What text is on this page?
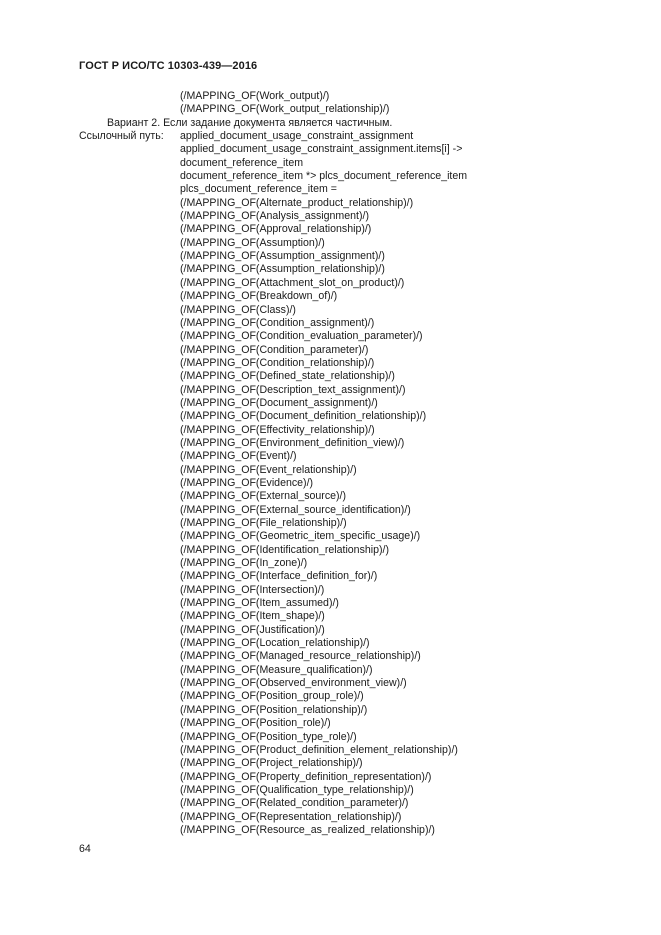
ГОСТ Р ИСО/ТС 10303-439—2016
(/MAPPING_OF(Work_output)/)
(/MAPPING_OF(Work_output_relationship)/)
Вариант 2. Если задание документа является частичным.
Ссылочный путь: applied_document_usage_constraint_assignment
applied_document_usage_constraint_assignment.items[i] ->
document_reference_item
document_reference_item *> plcs_document_reference_item
plcs_document_reference_item =
(/MAPPING_OF(Alternate_product_relationship)/)
(/MAPPING_OF(Analysis_assignment)/)
(/MAPPING_OF(Approval_relationship)/)
(/MAPPING_OF(Assumption)/)
(/MAPPING_OF(Assumption_assignment)/)
(/MAPPING_OF(Assumption_relationship)/)
(/MAPPING_OF(Attachment_slot_on_product)/)
(/MAPPING_OF(Breakdown_of)/)
(/MAPPING_OF(Class)/)
(/MAPPING_OF(Condition_assignment)/)
(/MAPPING_OF(Condition_evaluation_parameter)/)
(/MAPPING_OF(Condition_parameter)/)
(/MAPPING_OF(Condition_relationship)/)
(/MAPPING_OF(Defined_state_relationship)/)
(/MAPPING_OF(Description_text_assignment)/)
(/MAPPING_OF(Document_assignment)/)
(/MAPPING_OF(Document_definition_relationship)/)
(/MAPPING_OF(Effectivity_relationship)/)
(/MAPPING_OF(Environment_definition_view)/)
(/MAPPING_OF(Event)/)
(/MAPPING_OF(Event_relationship)/)
(/MAPPING_OF(Evidence)/)
(/MAPPING_OF(External_source)/)
(/MAPPING_OF(External_source_identification)/)
(/MAPPING_OF(File_relationship)/)
(/MAPPING_OF(Geometric_item_specific_usage)/)
(/MAPPING_OF(Identification_relationship)/)
(/MAPPING_OF(In_zone)/)
(/MAPPING_OF(Interface_definition_for)/)
(/MAPPING_OF(Intersection)/)
(/MAPPING_OF(Item_assumed)/)
(/MAPPING_OF(Item_shape)/)
(/MAPPING_OF(Justification)/)
(/MAPPING_OF(Location_relationship)/)
(/MAPPING_OF(Managed_resource_relationship)/)
(/MAPPING_OF(Measure_qualification)/)
(/MAPPING_OF(Observed_environment_view)/)
(/MAPPING_OF(Position_group_role)/)
(/MAPPING_OF(Position_relationship)/)
(/MAPPING_OF(Position_role)/)
(/MAPPING_OF(Position_type_role)/)
(/MAPPING_OF(Product_definition_element_relationship)/)
(/MAPPING_OF(Project_relationship)/)
(/MAPPING_OF(Property_definition_representation)/)
(/MAPPING_OF(Qualification_type_relationship)/)
(/MAPPING_OF(Related_condition_parameter)/)
(/MAPPING_OF(Representation_relationship)/)
(/MAPPING_OF(Resource_as_realized_relationship)/)
64
